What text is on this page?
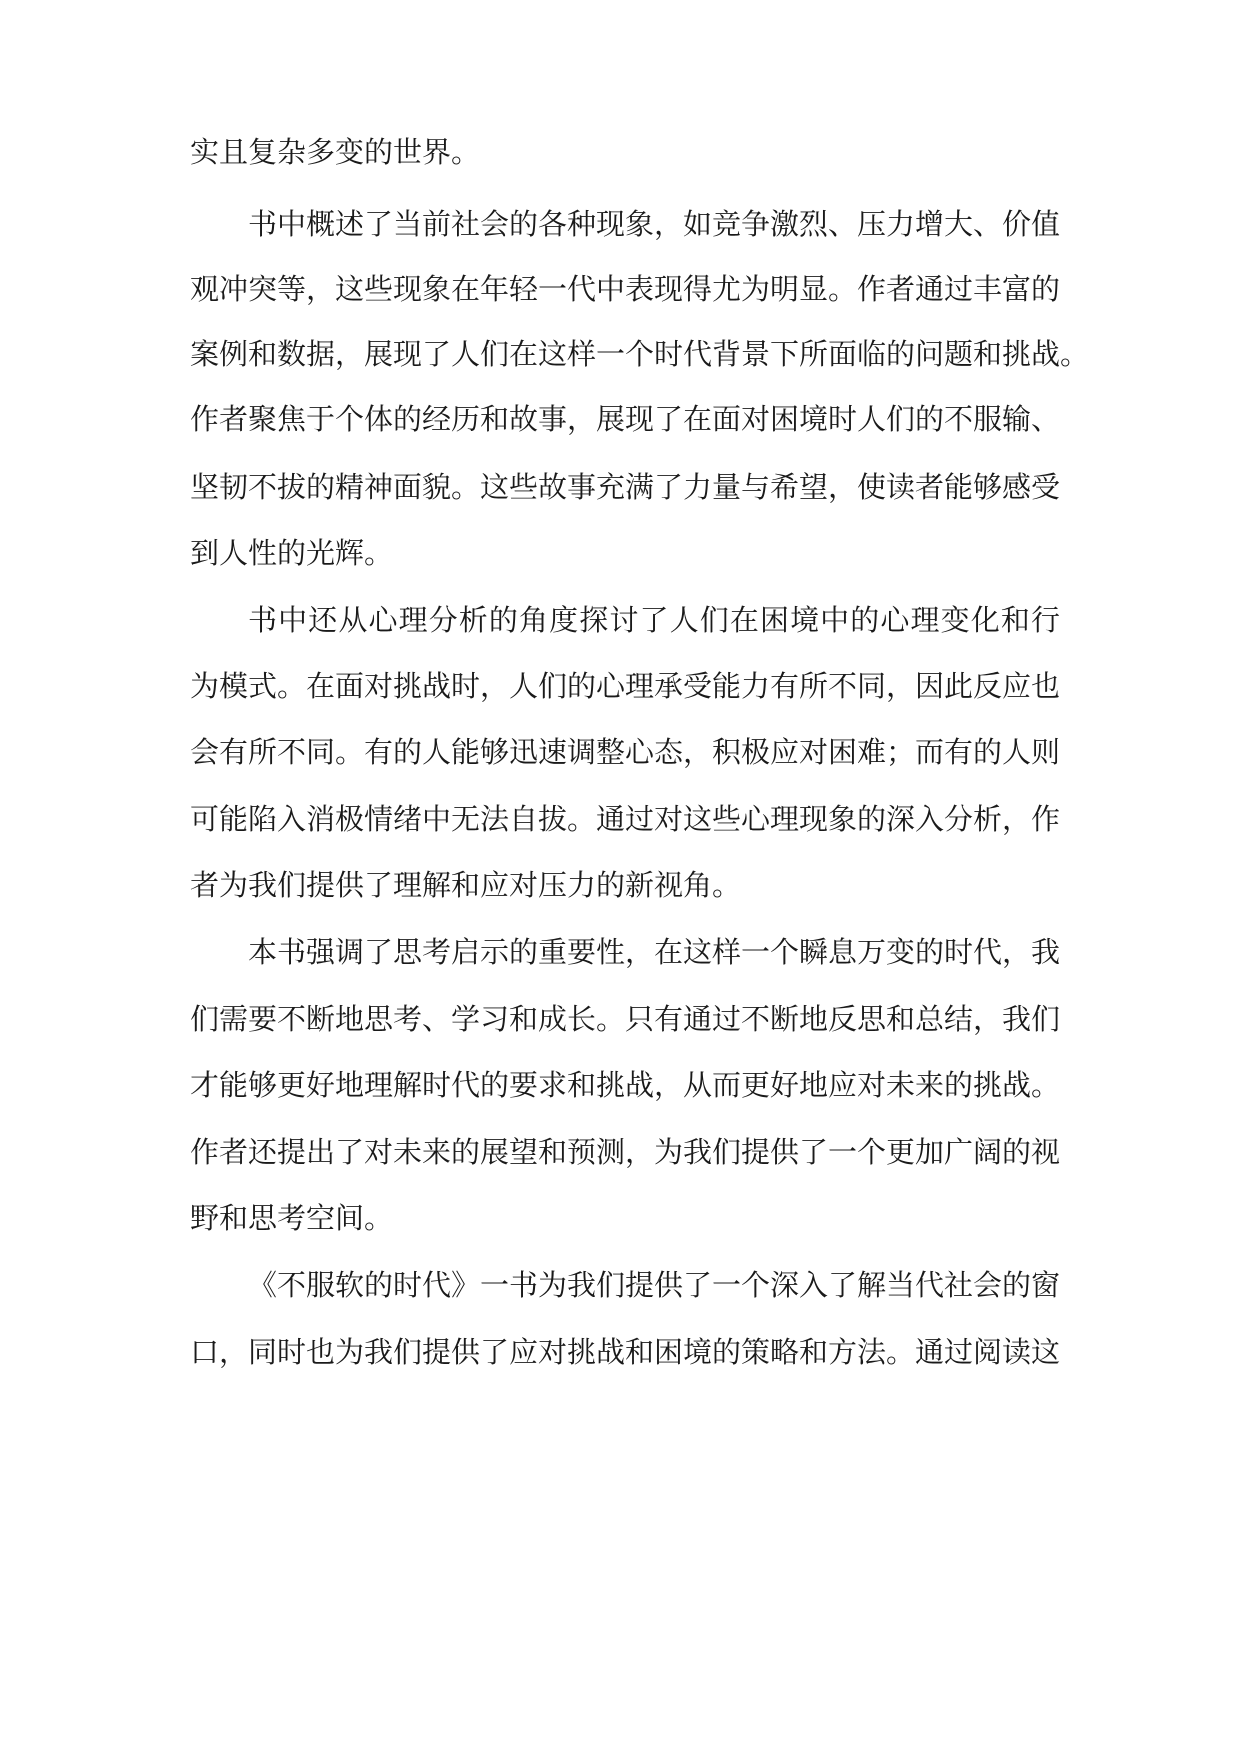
实且复杂多变的世界。
书中概述了当前社会的各种现象，如竞争激烈、压力增大、价值
观冲突等，这些现象在年轻一代中表现得尤为明显。作者通过丰富的
案例和数据，展现了人们在这样一个时代背景下所面临的问题和挑战。
作者聚焦于个体的经历和故事，展现了在面对困境时人们的不服输、
坚韧不拔的精神面貌。这些故事充满了力量与希望，使读者能够感受
到人性的光辉。
书中还从心理分析的角度探讨了人们在困境中的心理变化和行
为模式。在面对挑战时，人们的心理承受能力有所不同，因此反应也
会有所不同。有的人能够迅速调整心态，积极应对困难；而有的人则
可能陷入消极情绪中无法自拔。通过对这些心理现象的深入分析，作
者为我们提供了理解和应对压力的新视角。
本书强调了思考启示的重要性，在这样一个瞬息万变的时代，我
们需要不断地思考、学习和成长。只有通过不断地反思和总结，我们
才能够更好地理解时代的要求和挑战，从而更好地应对未来的挑战。
作者还提出了对未来的展望和预测，为我们提供了一个更加广阔的视
野和思考空间。
《不服软的时代》一书为我们提供了一个深入了解当代社会的窗
口，同时也为我们提供了应对挑战和困境的策略和方法。通过阅读这
